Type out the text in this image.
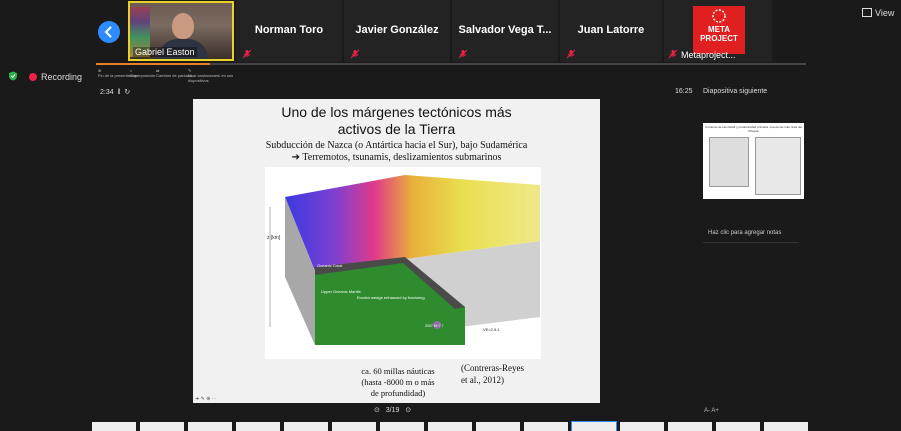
Gabriel Easton
Norman Toro	Javier González	Salvador Vega T...	Juan Latorre	META
PROJECT
Metaproject...
View
Recording
⊗
Fin de la presentación
◐
Superposición
⇄
Cambiar de pantalla
✎
Usar anotaciones/ en sus dispositivos
2:34  ǁ  ↻	16:25 Diapositiva siguiente
Uno de los márgenes tectónicos más
activos de la Tierra
Subducción de Nazca (o Antártica hacia el Sur), bajo Sudamérica
➔ Terremotos, tsunamis, deslizamientos submarinos
z [km]
Oceanic Crust
Upper Oceanic Mantle
Eroded wedge enhanced by fracturing
VE=2.5:1
2007 M~7.7
ca. 60 millas náuticas
(hasta -8000 m o más
de profundidad)
(Contreras-Reyes
et al., 2012)
➜ ✎ ⊕ ⋯
⊙ 3/19 ⊙
Corriente de Humboldt y productividad primaria, una de las más ricas del Planeta
Haz clic para agregar notas
A- A+
